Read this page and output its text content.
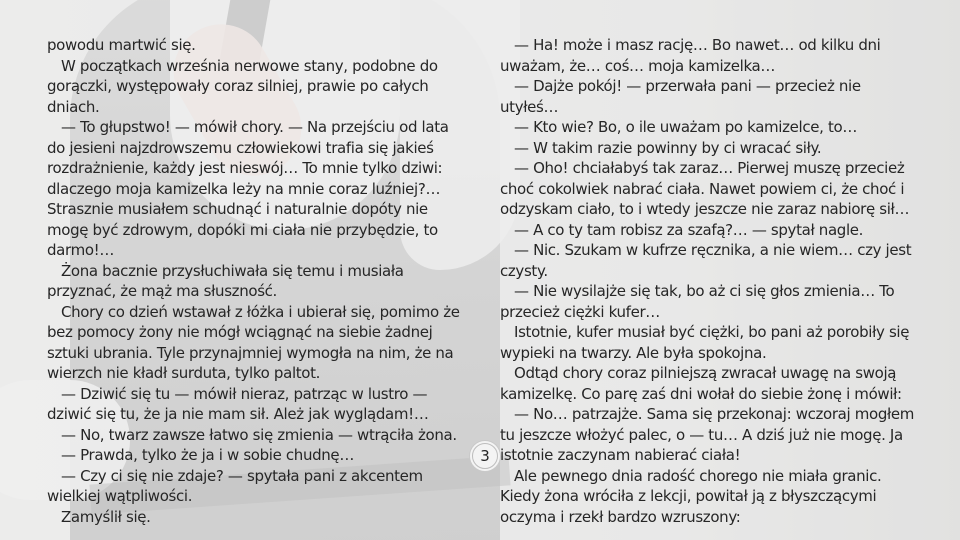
powodu martwić się.

W początkach września nerwowe stany, podobne do gorączki, występowały coraz silniej, prawie po całych dniach.

— To głupstwo! — mówił chory. — Na przejściu od lata do jesieni najzdrowszemu człowiekowi trafia się jakieś rozdrażnienie, każdy jest nieswój… To mnie tylko dziwi: dlaczego moja kamizelka leży na mnie coraz luźniej?… Strasznie musiałem schudnąć i naturalnie dopóty nie mogę być zdrowym, dopóki mi ciała nie przybędzie, to darmo!…

Żona bacznie przysłuchiwała się temu i musiała przyznać, że mąż ma słuszność.

Chory co dzień wstawał z łóżka i ubierał się, pomimo że bez pomocy żony nie mógł wciągnąć na siebie żadnej sztuki ubrania. Tyle przynajmniej wymogła na nim, że na wierzch nie kładł surduta, tylko paltot.

— Dziwić się tu — mówił nieraz, patrząc w lustro — dziwić się tu, że ja nie mam sił. Ależ jak wyglądam!…

— No, twarz zawsze łatwo się zmienia — wtrąciła żona.

— Prawda, tylko że ja i w sobie chudnę…

— Czy ci się nie zdaje? — spytała pani z akcentem wielkiej wątpliwości.

Zamyślił się.

3

— Ha! może i masz rację… Bo nawet… od kilku dni uważam, że… coś… moja kamizelka…

— Dajże pokój! — przerwała pani — przecież nie utyłeś…

— Kto wie? Bo, o ile uważam po kamizelce, to…

— W takim razie powinny by ci wracać siły.

— Oho! chciałabyś tak zaraz… Pierwej muszę przecież choć cokolwiek nabrać ciała. Nawet powiem ci, że choć i odzyskam ciało, to i wtedy jeszcze nie zaraz nabiorę sił…

— A co ty tam robisz za szafą?… — spytał nagle.

— Nic. Szukam w kufrze ręcznika, a nie wiem… czy jest czysty.

— Nie wysilajże się tak, bo aż ci się głos zmienia… To przecież ciężki kufer…

Istotnie, kufer musiał być ciężki, bo pani aż porobiły się wypieki na twarzy. Ale była spokojna.

Odtąd chory coraz pilniejszą zwracał uwagę na swoją kamizelkę. Co parę zaś dni wołał do siebie żonę i mówił:

— No… patrzajże. Sama się przekonaj: wczoraj mogłem tu jeszcze włożyć palec, o — tu… A dziś już nie mogę. Ja istotnie zaczynam nabierać ciała!

Ale pewnego dnia radość chorego nie miała granic. Kiedy żona wróciła z lekcji, powitał ją z błyszczącymi oczyma i rzekł bardzo wzruszony:
